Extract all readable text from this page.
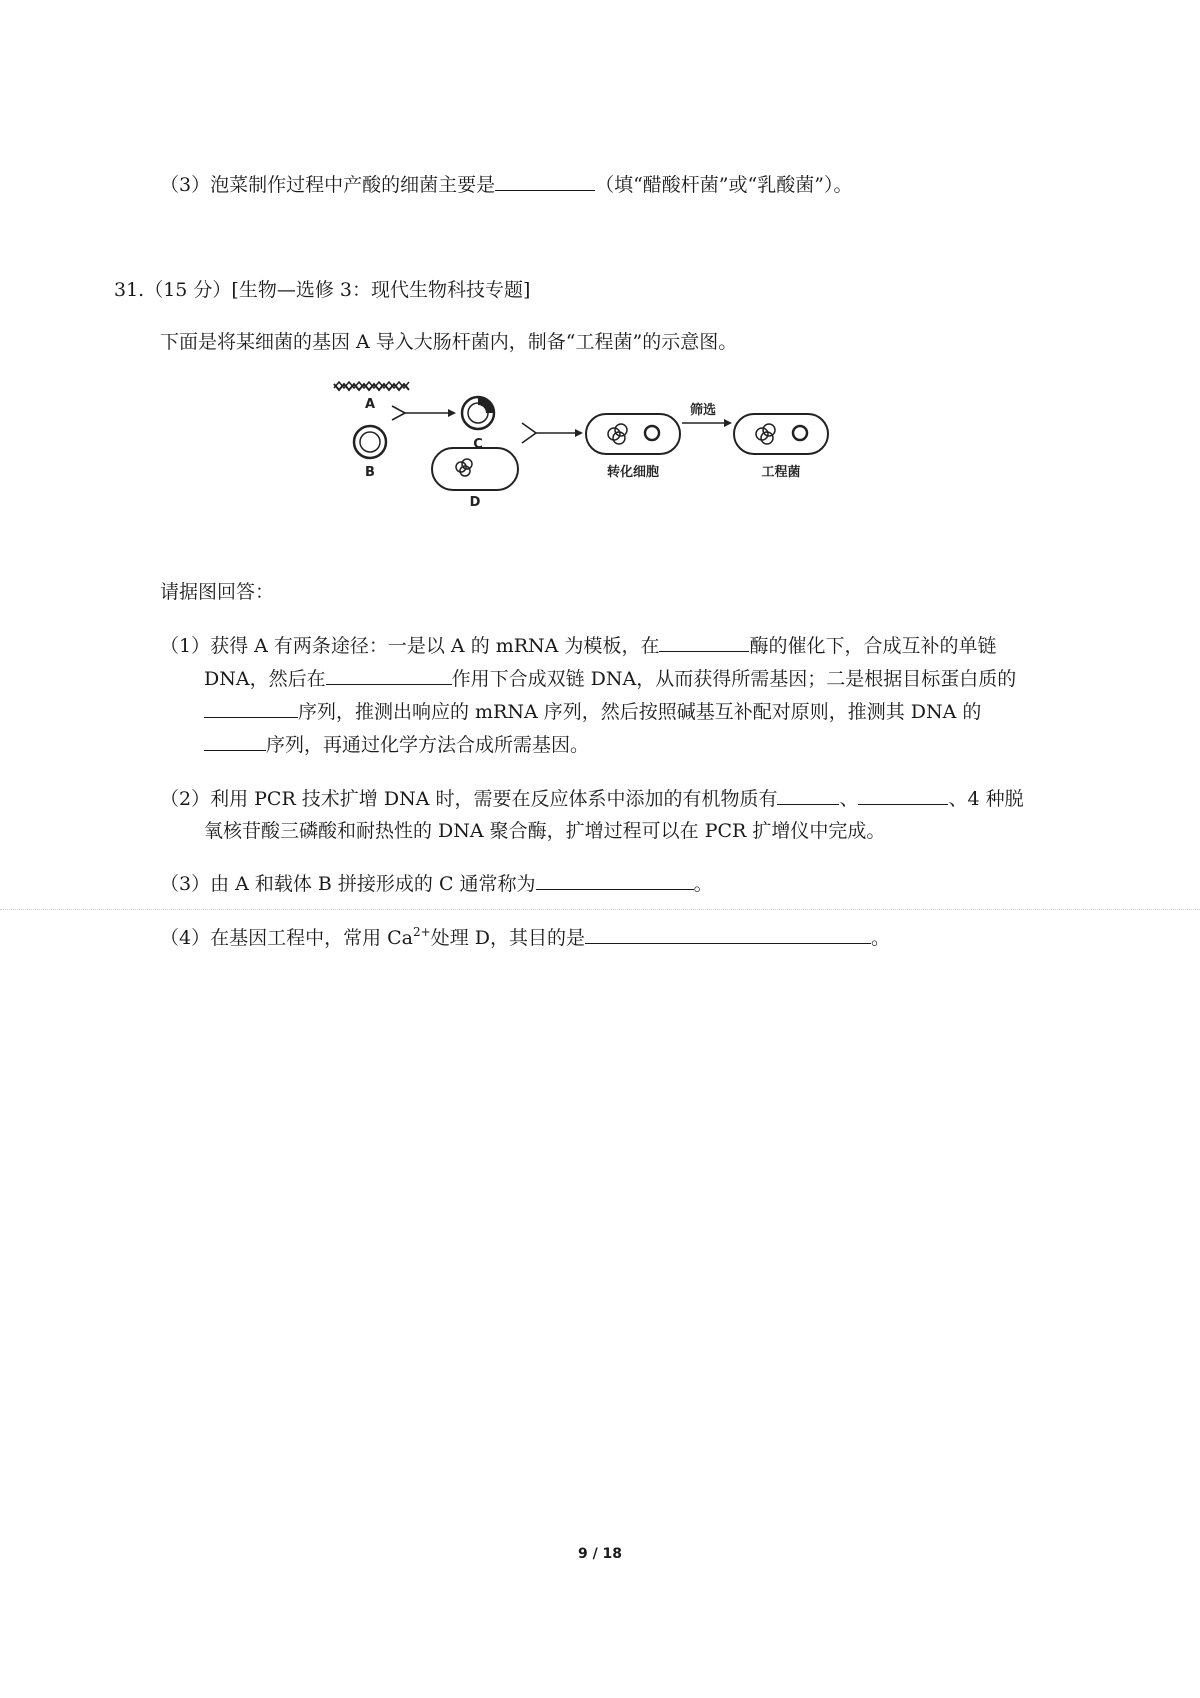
（3）泡菜制作过程中产酸的细菌主要是	（填“醋酸杆菌”或“乳酸菌”）。
31.（15 分）[生物—选修 3：现代生物科技专题]
下面是将某细菌的基因 A 导入大肠杆菌内，制备“工程菌”的示意图。
A
B
C
D
转化细胞
筛选
工程菌
请据图回答：
（1）获得 A 有两条途径：一是以 A 的 mRNA 为模板，在	酶的催化下，合成互补的单链
DNA，然后在	作用下合成双链 DNA，从而获得所需基因；二是根据目标蛋白质的
序列，推测出响应的 mRNA 序列，然后按照碱基互补配对原则，推测其 DNA 的
序列，再通过化学方法合成所需基因。
（2）利用 PCR 技术扩增 DNA 时，需要在反应体系中添加的有机物质有	、	、4 种脱
氧核苷酸三磷酸和耐热性的 DNA 聚合酶，扩增过程可以在 PCR 扩增仪中完成。
（3）由 A 和载体 B 拼接形成的 C 通常称为	。
（4）在基因工程中，常用 $Ca^{2+}$处理 D，其目的是	。
9 / 18
